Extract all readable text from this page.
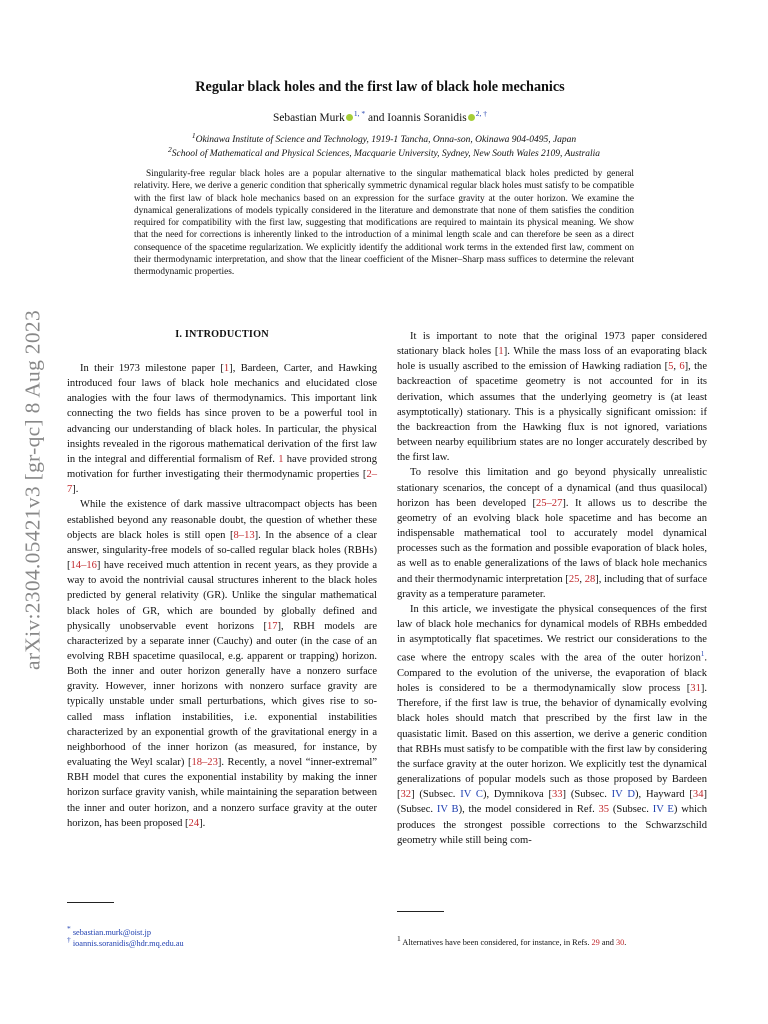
arXiv:2304.05421v3 [gr-qc] 8 Aug 2023
Regular black holes and the first law of black hole mechanics
Sebastian Murk $^{1, *}$ and Ioannis Soranidis $^{2, \dagger}$
$^1$Okinawa Institute of Science and Technology, 1919-1 Tancha, Onna-son, Okinawa 904-0495, Japan
$^2$School of Mathematical and Physical Sciences, Macquarie University, Sydney, New South Wales 2109, Australia

Singularity-free regular black holes are a popular alternative to the singular mathematical black holes predicted by general relativity. Here, we derive a generic condition that spherically symmetric dynamical regular black holes must satisfy to be compatible with the first law of black hole mechanics based on an expression for the surface gravity at the outer horizon. We examine the dynamical generalizations of models typically considered in the literature and demonstrate that none of them satisfies the condition required for compatibility with the first law, suggesting that modifications are required to maintain its physical meaning. We show that the need for corrections is inherently linked to the introduction of a minimal length scale and can therefore be seen as a direct consequence of the spacetime regularization. We explicitly identify the additional work terms in the extended first law, comment on their thermodynamic interpretation, and show that the linear coefficient of the Misner–Sharp mass suffices to determine the relevant thermodynamic properties.

I. INTRODUCTION

In their 1973 milestone paper [1], Bardeen, Carter, and Hawking introduced four laws of black hole mechanics and elucidated close analogies with the four laws of thermodynamics. This important link connecting the two fields has since proven to be a powerful tool in advancing our understanding of black holes. In particular, the physical insights revealed in the rigorous mathematical derivation of the first law in the integral and differential formalism of Ref. 1 have provided strong motivation for further investigating their thermodynamic properties [2–7].

While the existence of dark massive ultracompact objects has been established beyond any reasonable doubt, the question of whether these objects are black holes is still open [8–13]. In the absence of a clear answer, singularity-free models of so-called regular black holes (RBHs) [14–16] have received much attention in recent years, as they provide a way to avoid the nontrivial causal structures inherent to the black holes predicted by general relativity (GR). Unlike the singular mathematical black holes of GR, which are bounded by globally defined and physically unobservable event horizons [17], RBH models are characterized by a separate inner (Cauchy) and outer (in the case of an evolving RBH spacetime quasilocal, e.g. apparent or trapping) horizon. Both the inner and outer horizon generally have a nonzero surface gravity. However, inner horizons with nonzero surface gravity are typically unstable under small perturbations, which gives rise to so-called mass inflation instabilities, i.e. exponential instabilities characterized by an exponential growth of the gravitational energy in a neighborhood of the inner horizon (as measured, for instance, by evaluating the Weyl scalar) [18–23]. Recently, a novel “inner-extremal” RBH model that cures the exponential instability by making the inner horizon surface gravity vanish, while maintaining the separation between the inner and outer horizon, and a nonzero surface gravity at the outer horizon, has been proposed [24].

It is important to note that the original 1973 paper considered stationary black holes [1]. While the mass loss of an evaporating black hole is usually ascribed to the emission of Hawking radiation [5, 6], the backreaction of spacetime geometry is not accounted for in its derivation, which assumes that the underlying geometry is (at least asymptotically) stationary. This is a physically significant omission: if the backreaction from the Hawking flux is not ignored, variations between nearby equilibrium states are no longer accurately described by the first law.

To resolve this limitation and go beyond physically unrealistic stationary scenarios, the concept of a dynamical (and thus quasilocal) horizon has been developed [25–27]. It allows us to describe the geometry of an evolving black hole spacetime and has become an indispensable mathematical tool to accurately model dynamical processes such as the formation and possible evaporation of black holes, as well as to enable generalizations of the laws of black hole mechanics and their thermodynamic interpretation [25, 28], including that of surface gravity as a temperature parameter.

In this article, we investigate the physical consequences of the first law of black hole mechanics for dynamical models of RBHs embedded in asymptotically flat spacetimes. We restrict our considerations to the case where the entropy scales with the area of the outer horizon$^1$. Compared to the evolution of the universe, the evaporation of black holes is considered to be a thermodynamically slow process [31]. Therefore, if the first law is true, the behavior of dynamically evolving black holes should match that prescribed by the first law in the quasistatic limit. Based on this assertion, we derive a generic condition that RBHs must satisfy to be compatible with the first law by considering the surface gravity at the outer horizon. We explicitly test the dynamical generalizations of popular models such as those proposed by Bardeen [32] (Subsec. IV C), Dymnikova [33] (Subsec. IV D), Hayward [34] (Subsec. IV B), the model considered in Ref. 35 (Subsec. IV E) which produces the strongest possible corrections to the Schwarzschild geometry while still being com-

* sebastian.murk@oist.jp
† ioannis.soranidis@hdr.mq.edu.au
$^1$ Alternatives have been considered, for instance, in Refs. 29 and 30.
